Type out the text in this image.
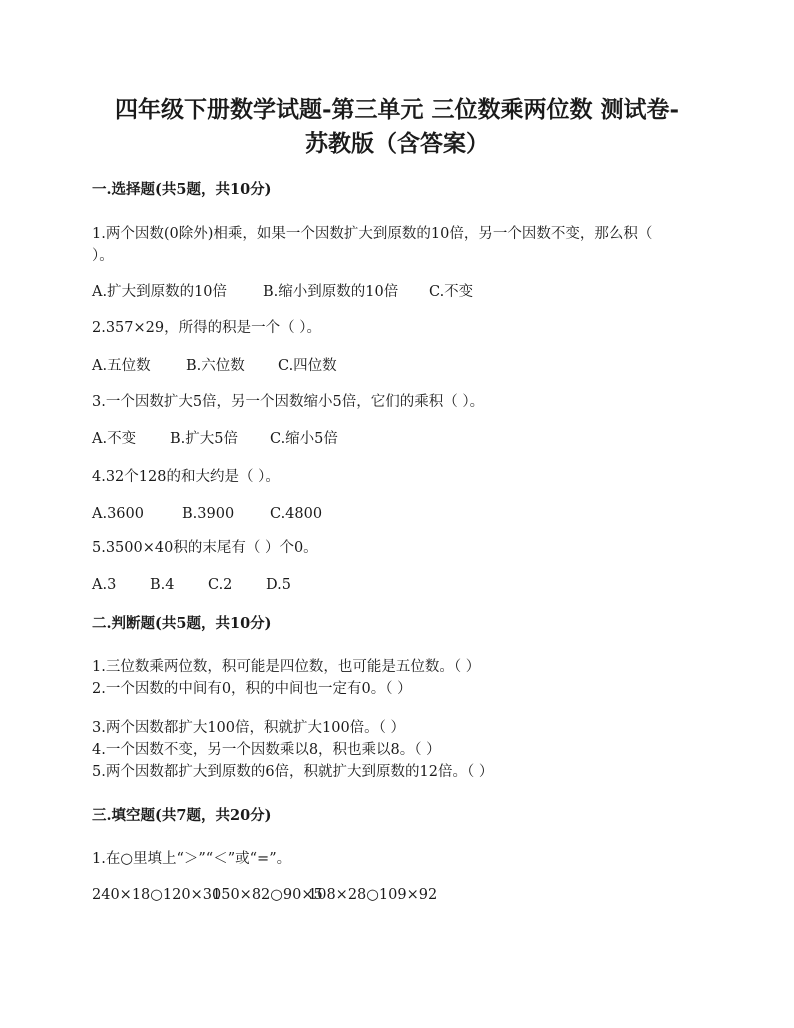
四年级下册数学试题-第三单元 三位数乘两位数 测试卷-
苏教版（含答案）
一.选择题(共5题，共10分)
1.两个因数(0除外)相乘，如果一个因数扩大到原数的10倍，另一个因数不变，那么积（
）。
A.扩大到原数的10倍	B.缩小到原数的10倍	C.不变
2.357×29，所得的积是一个（ ）。
A.五位数	B.六位数	C.四位数
3.一个因数扩大5倍，另一个因数缩小5倍，它们的乘积（ ）。
A.不变	B.扩大5倍	C.缩小5倍
4.32个128的和大约是（ ）。
A.3600	B.3900	C.4800
5.3500×40积的末尾有（ ）个0。
A.3	B.4	C.2	D.5
二.判断题(共5题，共10分)
1.三位数乘两位数，积可能是四位数，也可能是五位数。（ ）
2.一个因数的中间有0，积的中间也一定有0。（ ）
3.两个因数都扩大100倍，积就扩大100倍。（ ）
4.一个因数不变，另一个因数乘以8，积也乘以8。（ ）
5.两个因数都扩大到原数的6倍，积就扩大到原数的12倍。（ ）
三.填空题(共7题，共20分)
1.在○里填上“＞”“＜”或“=”。
240×18○120×30
150×82○90×5
108×28○109×92
